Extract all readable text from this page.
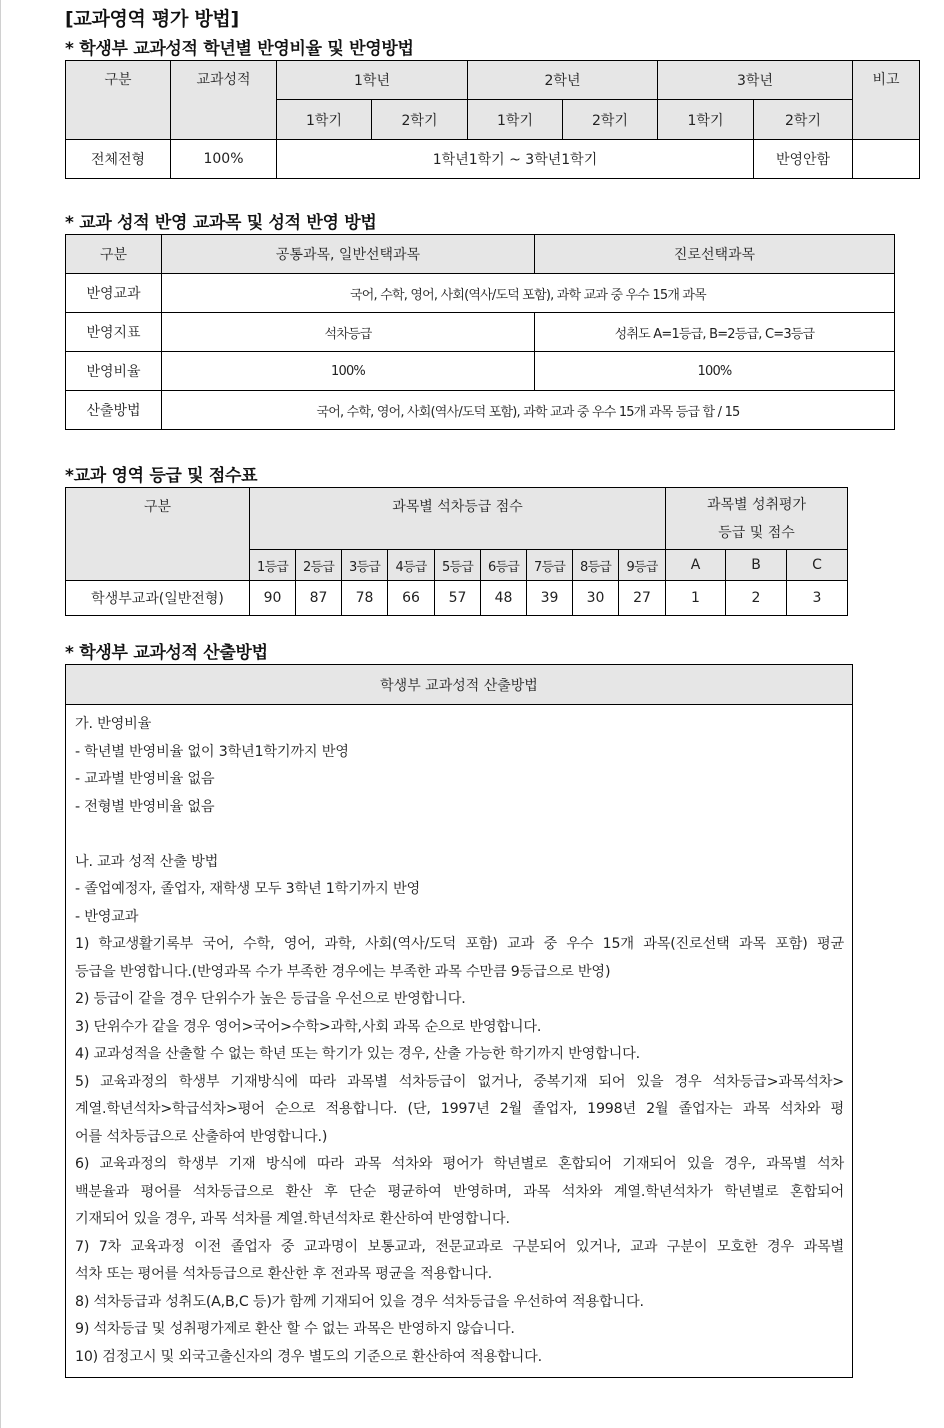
[교과영역 평가 방법]
* 학생부 교과성적 학년별 반영비율 및 반영방법
구분	교과성적	1학년		2학년		3학년		비고
		1학기	2학기	1학기	2학기	1학기	2학기	
전체전형	100%	1학년1학기 ~ 3학년1학기					반영안함	
* 교과 성적 반영 교과목 및 성적 반영 방법
구분	공통과목, 일반선택과목	진로선택과목
반영교과	국어, 수학, 영어, 사회(역사/도덕 포함), 과학 교과 중 우수 15개 과목	
반영지표	석차등급	성취도 A=1등급, B=2등급, C=3등급
반영비율	100%	100%
산출방법	국어, 수학, 영어, 사회(역사/도덕 포함), 과학 교과 중 우수 15개 과목 등급 합 / 15	
*교과 영역 등급 및 점수표
구분	과목별 석차등급 점수									과목별 성취평가
등급 및 점수		
	1등급	2등급	3등급	4등급	5등급	6등급	7등급	8등급	9등급	A	B	C
학생부교과(일반전형)	90	87	78	66	57	48	39	30	27	1	2	3
* 학생부 교과성적 산출방법
학생부 교과성적 산출방법

가. 반영비율
- 학년별 반영비율 없이 3학년1학기까지 반영
- 교과별 반영비율 없음
- 전형별 반영비율 없음
나. 교과 성적 산출 방법
- 졸업예정자, 졸업자, 재학생 모두 3학년 1학기까지 반영
- 반영교과
1) 학교생활기록부 국어, 수학, 영어, 과학, 사회(역사/도덕 포함) 교과 중 우수 15개 과목(진로선택 과목 포함) 평균
등급을 반영합니다.(반영과목 수가 부족한 경우에는 부족한 과목 수만큼 9등급으로 반영)
2) 등급이 같을 경우 단위수가 높은 등급을 우선으로 반영합니다.
3) 단위수가 같을 경우 영어>국어>수학>과학,사회 과목 순으로 반영합니다.
4) 교과성적을 산출할 수 없는 학년 또는 학기가 있는 경우, 산출 가능한 학기까지 반영합니다.
5) 교육과정의 학생부 기재방식에 따라 과목별 석차등급이 없거나, 중복기재 되어 있을 경우 석차등급>과목석차>
계열.학년석차>학급석차>평어 순으로 적용합니다. (단, 1997년 2월 졸업자, 1998년 2월 졸업자는 과목 석차와 평
어를 석차등급으로 산출하여 반영합니다.)
6) 교육과정의 학생부 기재 방식에 따라 과목 석차와 평어가 학년별로 혼합되어 기재되어 있을 경우, 과목별 석차
백분율과 평어를 석차등급으로 환산 후 단순 평균하여 반영하며, 과목 석차와 계열.학년석차가 학년별로 혼합되어
기재되어 있을 경우, 과목 석차를 계열.학년석차로 환산하여 반영합니다.
7) 7차 교육과정 이전 졸업자 중 교과명이 보통교과, 전문교과로 구분되어 있거나, 교과 구분이 모호한 경우 과목별
석차 또는 평어를 석차등급으로 환산한 후 전과목 평균을 적용합니다.
8) 석차등급과 성취도(A,B,C 등)가 함께 기재되어 있을 경우 석차등급을 우선하여 적용합니다.
9) 석차등급 및 성취평가제로 환산 할 수 없는 과목은 반영하지 않습니다.
10) 검정고시 및 외국고출신자의 경우 별도의 기준으로 환산하여 적용합니다.
